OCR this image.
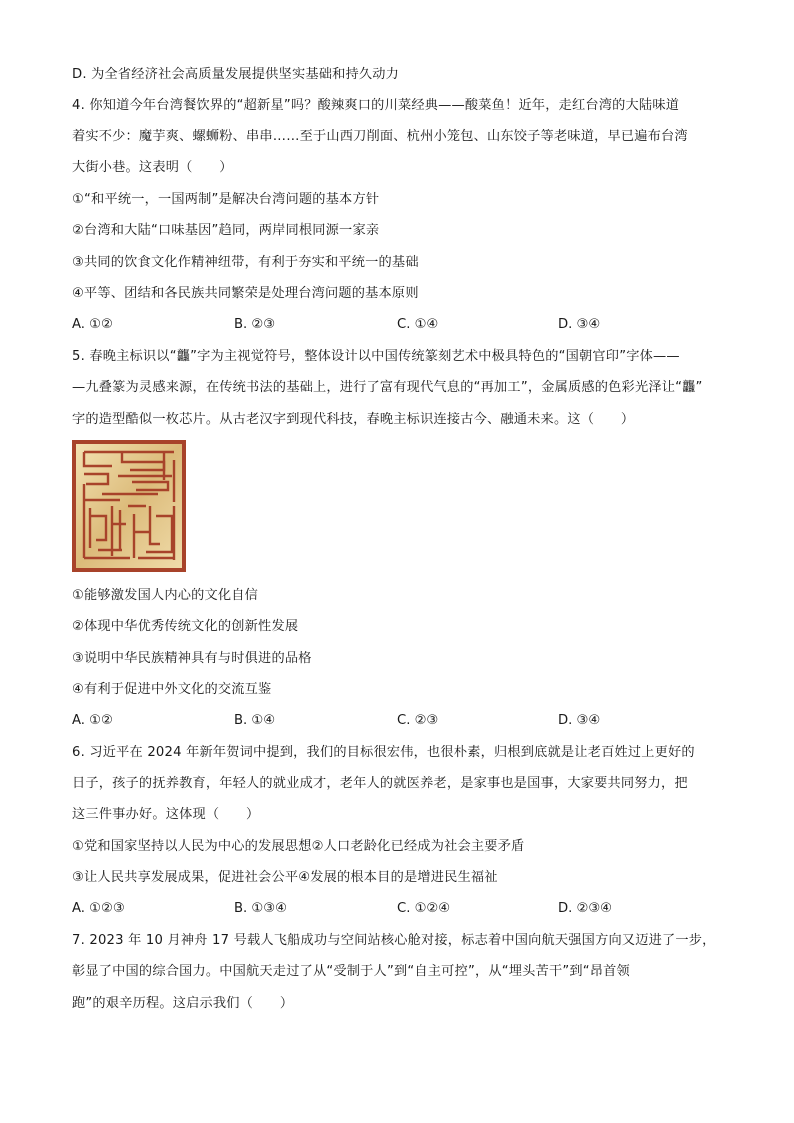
D. 为全省经济社会高质量发展提供坚实基础和持久动力
4. 你知道今年台湾餐饮界的“超新星”吗？酸辣爽口的川菜经典——酸菜鱼！近年，走红台湾的大陆味道
着实不少：魔芋爽、螺蛳粉、串串……至于山西刀削面、杭州小笼包、山东饺子等老味道，早已遍布台湾
大街小巷。这表明（　　）
①“和平统一，一国两制”是解决台湾问题的基本方针
②台湾和大陆“口味基因”趋同，两岸同根同源一家亲
③共同的饮食文化作精神纽带，有利于夯实和平统一的基础
④平等、团结和各民族共同繁荣是处理台湾问题的基本原则
A. ①②	B. ②③	C. ①④	D. ③④
5. 春晚主标识以“龘”字为主视觉符号，整体设计以中国传统篆刻艺术中极具特色的“国朝官印”字体——
—九叠篆为灵感来源，在传统书法的基础上，进行了富有现代气息的“再加工”，金属质感的色彩光泽让“龘”
字的造型酷似一枚芯片。从古老汉字到现代科技，春晚主标识连接古今、融通未来。这（　　）
①能够激发国人内心的文化自信
②体现中华优秀传统文化的创新性发展
③说明中华民族精神具有与时俱进的品格
④有利于促进中外文化的交流互鉴
A. ①②	B. ①④	C. ②③	D. ③④
6. 习近平在 2024 年新年贺词中提到，我们的目标很宏伟，也很朴素，归根到底就是让老百姓过上更好的
日子，孩子的抚养教育，年轻人的就业成才，老年人的就医养老，是家事也是国事，大家要共同努力，把
这三件事办好。这体现（　　）
①党和国家坚持以人民为中心的发展思想②人口老龄化已经成为社会主要矛盾
③让人民共享发展成果，促进社会公平④发展的根本目的是增进民生福祉
A. ①②③	B. ①③④	C. ①②④	D. ②③④
7. 2023 年 10 月神舟 17 号载人飞船成功与空间站核心舱对接，标志着中国向航天强国方向又迈进了一步，
彰显了中国的综合国力。中国航天走过了从“受制于人”到“自主可控”，从“埋头苦干”到“昂首领
跑”的艰辛历程。这启示我们（　　）
